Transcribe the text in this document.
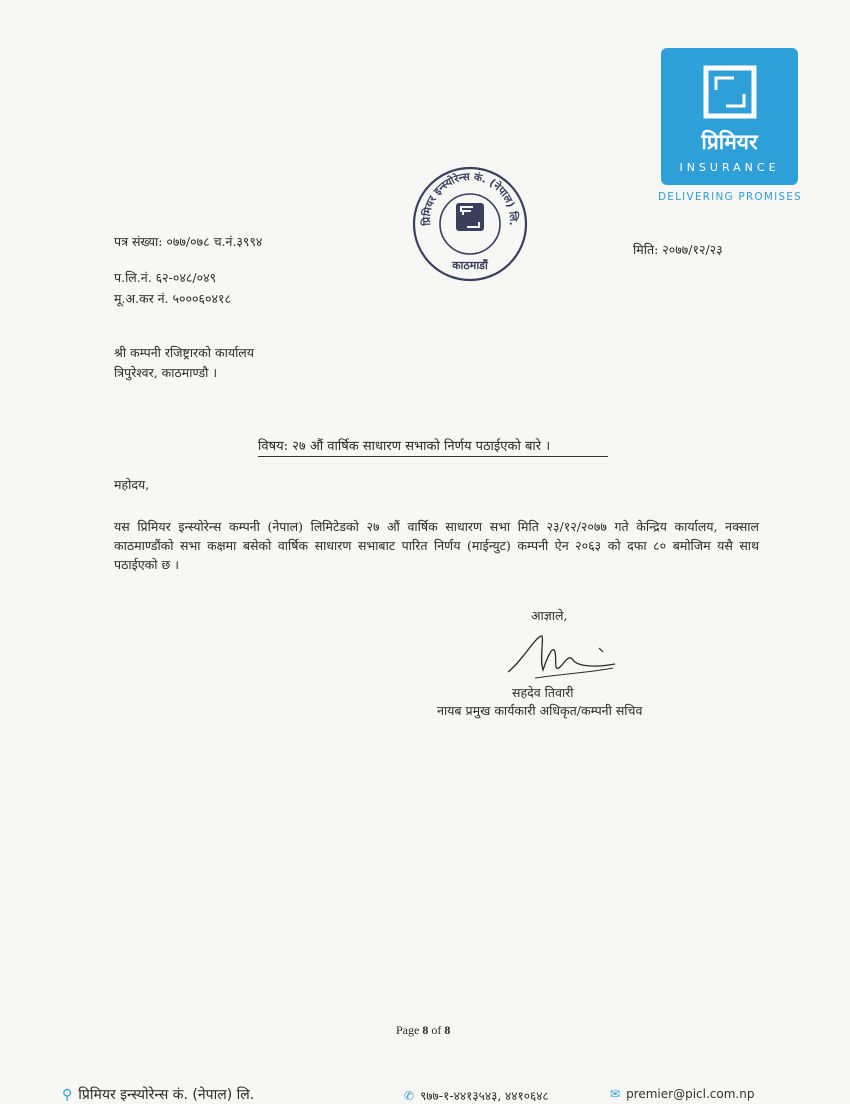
प्रिमियर
INSURANCE
DELIVERING PROMISES
प्रिमियर इन्स्योरेन्स कं. (नेपाल) लि.
काठमाडौं
पत्र संख्या: ०७७/०७८ च.नं.३९९४
मिति: २०७७/१२/२३
प.लि.नं. ६२-०४८/०४९
मू.अ.कर नं. ५०००६०४१८
श्री कम्पनी रजिष्ट्रारको कार्यालय
त्रिपुरेश्वर, काठमाण्डौ ।
विषय: २७ औं वार्षिक साधारण सभाको निर्णय पठाईएको बारे ।
महोदय,
यस प्रिमियर इन्स्योरेन्स कम्पनी (नेपाल) लिमिटेडको २७ औं वार्षिक साधारण सभा मिति २३/१२/२०७७ गते केन्द्रिय कार्यालय, नक्साल काठमाण्डौंको सभा कक्षमा बसेको वार्षिक साधारण सभाबाट पारित निर्णय (माईन्युट) कम्पनी ऐन २०६३ को दफा ८० बमोजिम यसै साथ पठाईएको छ ।
आज्ञाले,
सहदेव तिवारी
नायब प्रमुख कार्यकारी अधिकृत/कम्पनी सचिव
Page 8 of 8
⚲ प्रिमियर इन्स्योरेन्स कं. (नेपाल) लि.	✆ ९७७-१-४४१३५४३, ४४१०६४८	✉ premier@picl.com.np
